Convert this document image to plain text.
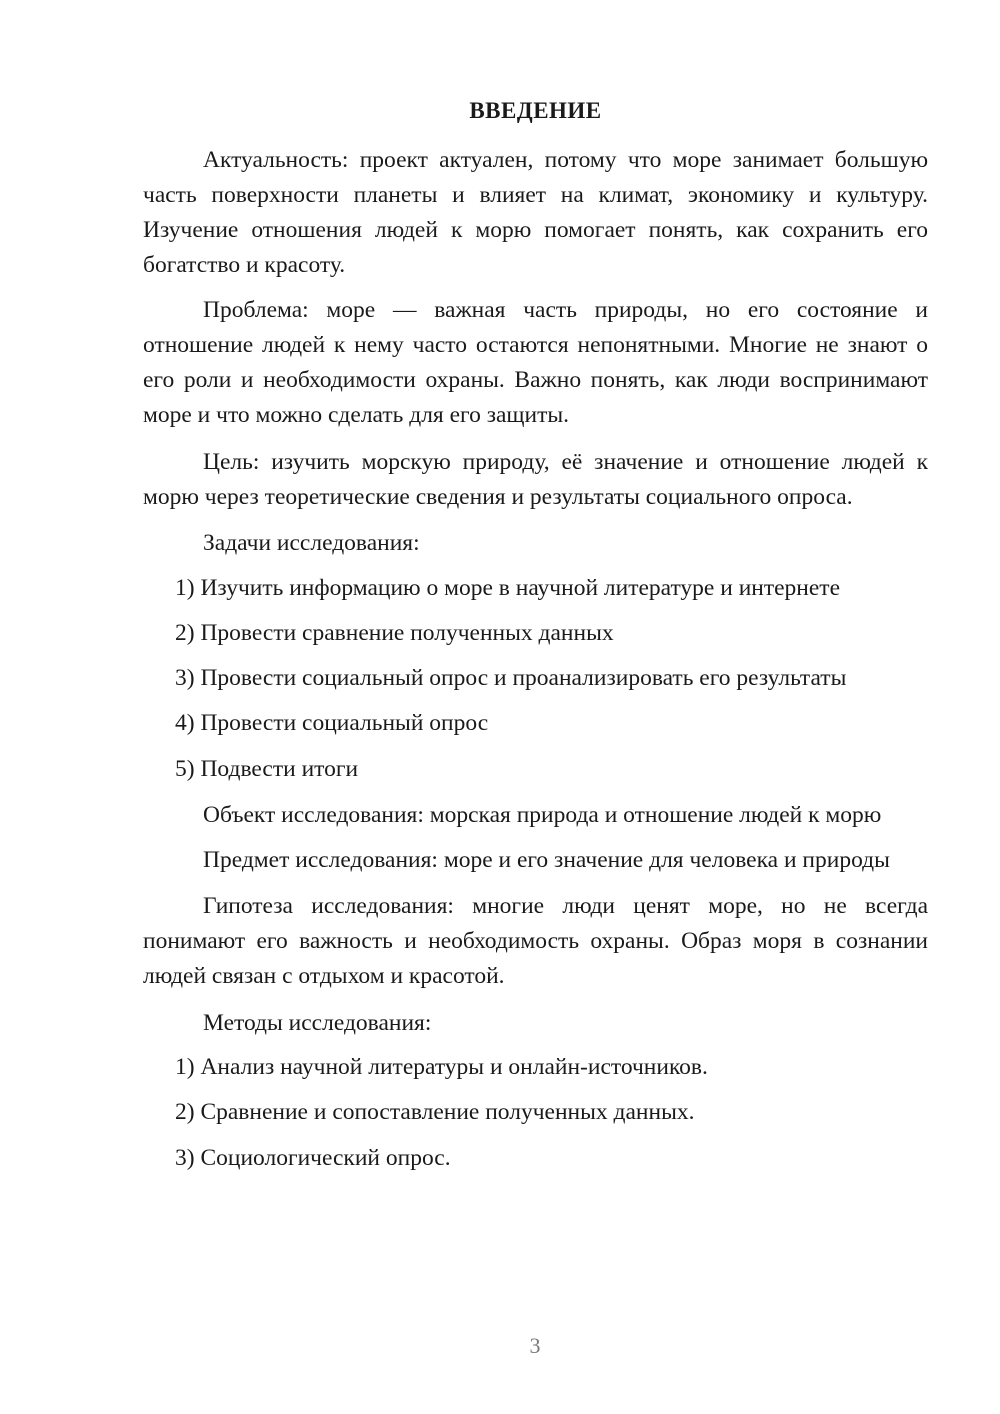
ВВЕДЕНИЕ

Актуальность: проект актуален, потому что море занимает большую часть поверхности планеты и влияет на климат, экономику и культуру. Изучение отношения людей к морю помогает понять, как сохранить его богатство и красоту.

Проблема: море — важная часть природы, но его состояние и отношение людей к нему часто остаются непонятными. Многие не знают о его роли и необходимости охраны. Важно понять, как люди воспринимают море и что можно сделать для его защиты.

Цель: изучить морскую природу, её значение и отношение людей к морю через теоретические сведения и результаты социального опроса.

Задачи исследования:
1) Изучить информацию о море в научной литературе и интернете
2) Провести сравнение полученных данных
3) Провести социальный опрос и проанализировать его результаты
4) Провести социальный опрос
5) Подвести итоги
Объект исследования: морская природа и отношение людей к морю
Предмет исследования: море и его значение для человека и природы

Гипотеза исследования: многие люди ценят море, но не всегда понимают его важность и необходимость охраны. Образ моря в сознании людей связан с отдыхом и красотой.

Методы исследования:
1) Анализ научной литературы и онлайн-источников.
2) Сравнение и сопоставление полученных данных.
3) Социологический опрос.
3
